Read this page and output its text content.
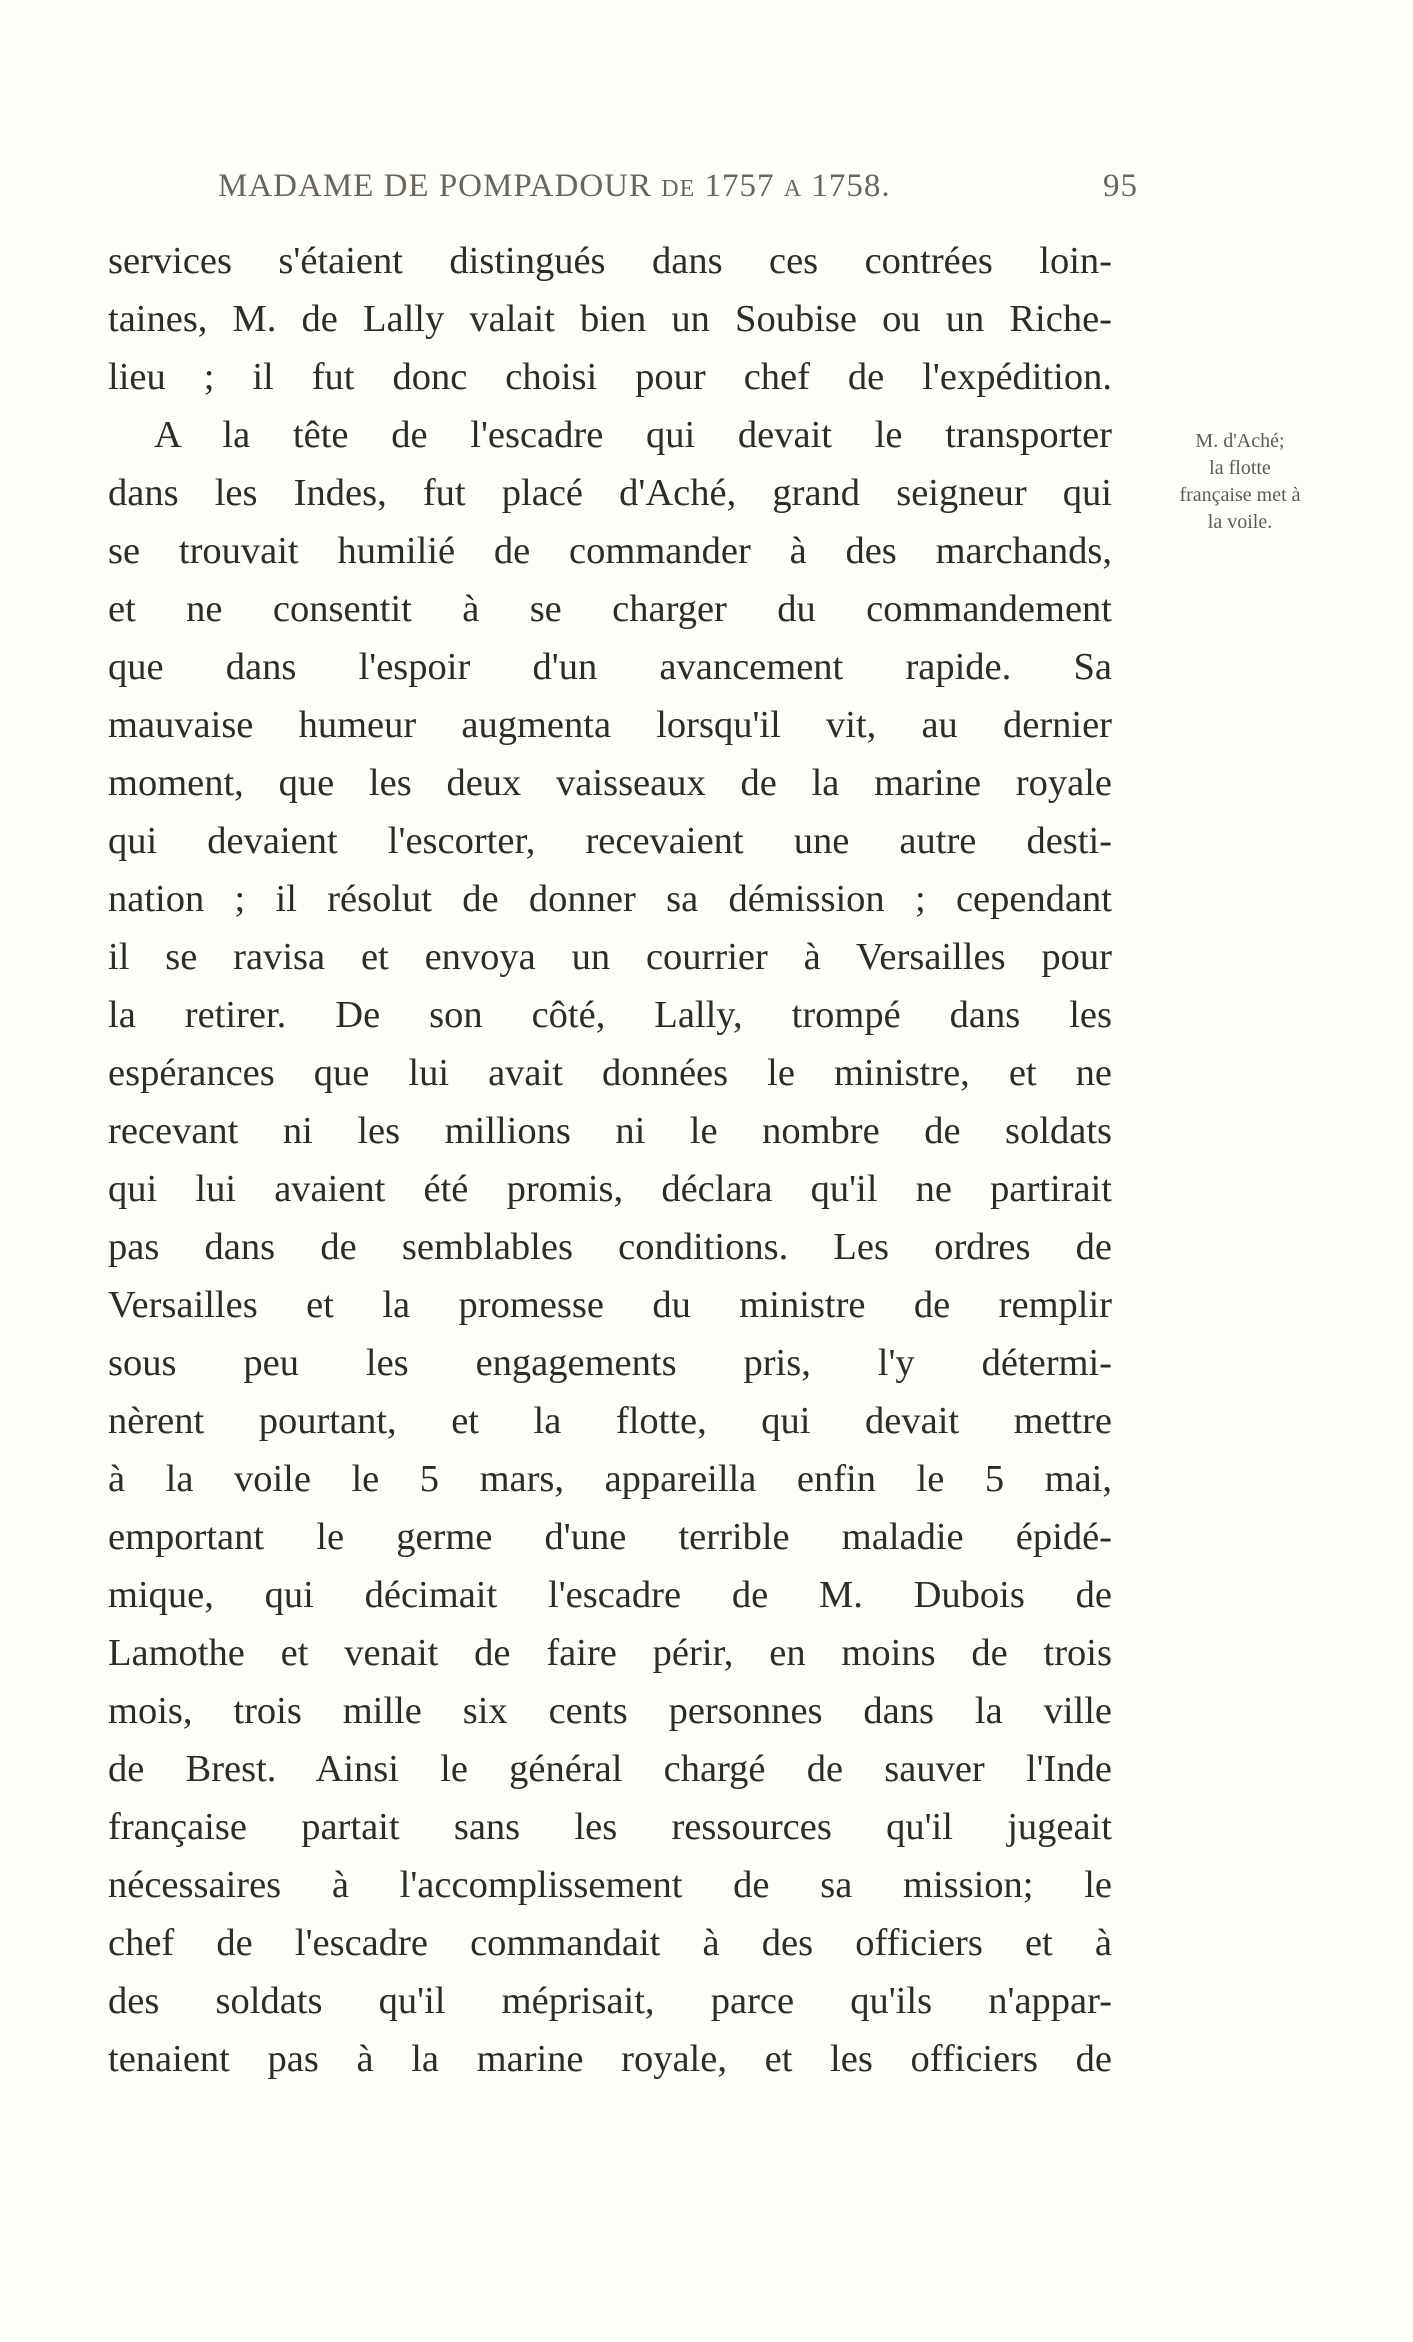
MADAME DE POMPADOUR DE 1757 A 1758.	95
M. d'Aché;
la flotte
française met à
la voile.
services s'étaient distingués dans ces contrées loin-
taines, M. de Lally valait bien un Soubise ou un Riche-
lieu ; il fut donc choisi pour chef de l'expédition.
A la tête de l'escadre qui devait le transporter
dans les Indes, fut placé d'Aché, grand seigneur qui
se trouvait humilié de commander à des marchands,
et ne consentit à se charger du commandement
que dans l'espoir d'un avancement rapide. Sa
mauvaise humeur augmenta lorsqu'il vit, au dernier
moment, que les deux vaisseaux de la marine royale
qui devaient l'escorter, recevaient une autre desti-
nation ; il résolut de donner sa démission ; cependant
il se ravisa et envoya un courrier à Versailles pour
la retirer. De son côté, Lally, trompé dans les
espérances que lui avait données le ministre, et ne
recevant ni les millions ni le nombre de soldats
qui lui avaient été promis, déclara qu'il ne partirait
pas dans de semblables conditions. Les ordres de
Versailles et la promesse du ministre de remplir
sous peu les engagements pris, l'y détermi-
nèrent pourtant, et la flotte, qui devait mettre
à la voile le 5 mars, appareilla enfin le 5 mai,
emportant le germe d'une terrible maladie épidé-
mique, qui décimait l'escadre de M. Dubois de
Lamothe et venait de faire périr, en moins de trois
mois, trois mille six cents personnes dans la ville
de Brest. Ainsi le général chargé de sauver l'Inde
française partait sans les ressources qu'il jugeait
nécessaires à l'accomplissement de sa mission; le
chef de l'escadre commandait à des officiers et à
des soldats qu'il méprisait, parce qu'ils n'appar-
tenaient pas à la marine royale, et les officiers de
